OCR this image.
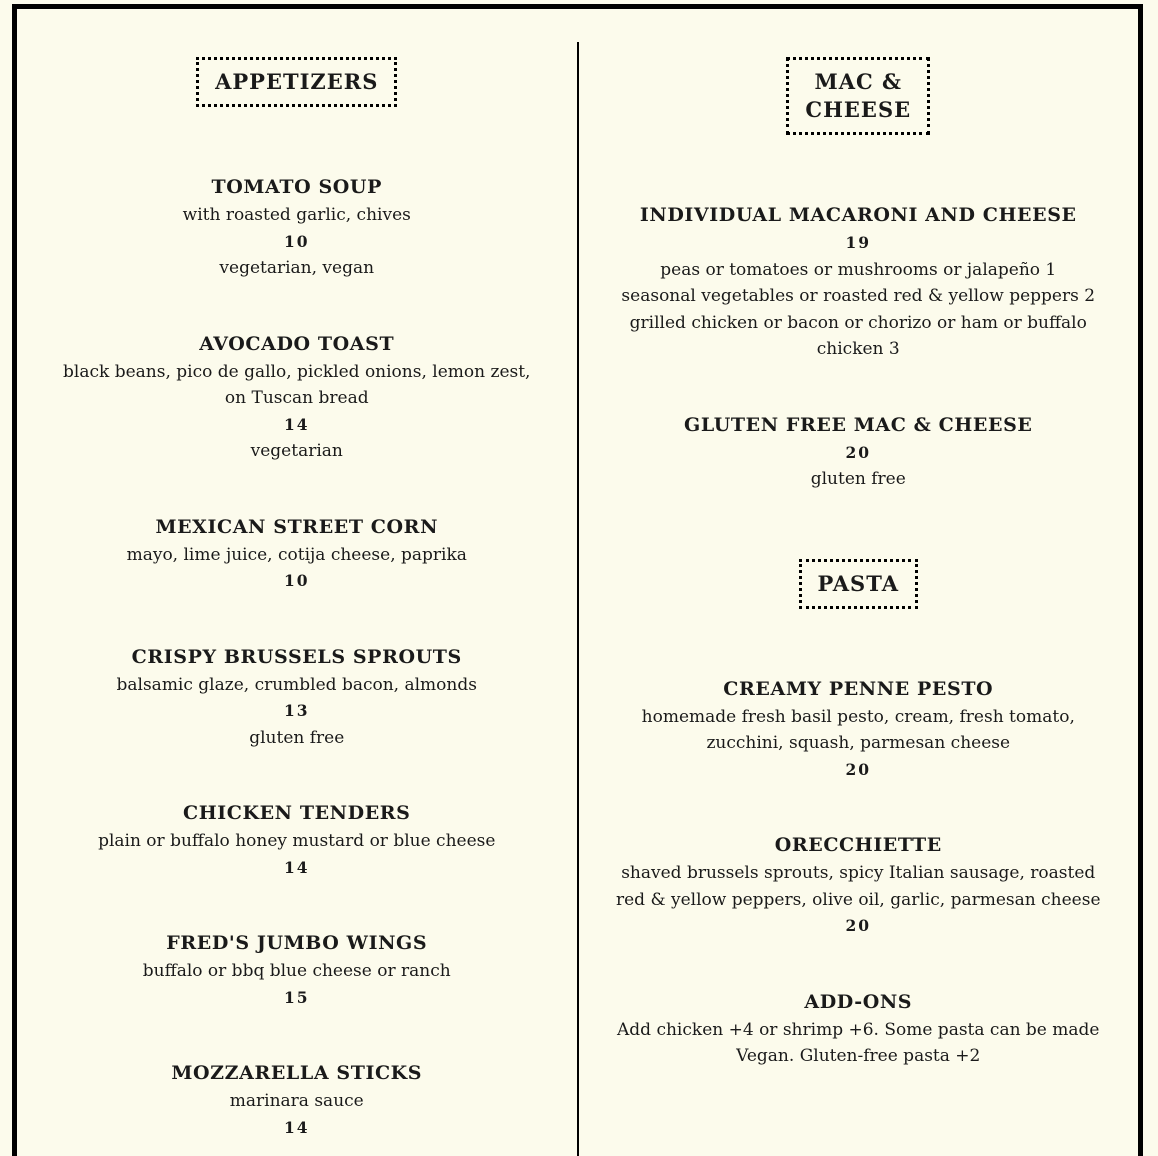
APPETIZERS
TOMATO SOUP
with roasted garlic, chives
10
vegetarian, vegan
AVOCADO TOAST
black beans, pico de gallo, pickled onions, lemon zest,
on Tuscan bread
14
vegetarian
MEXICAN STREET CORN
mayo, lime juice, cotija cheese, paprika
10
CRISPY BRUSSELS SPROUTS
balsamic glaze, crumbled bacon, almonds
13
gluten free
CHICKEN TENDERS
plain or buffalo honey mustard or blue cheese
14
FRED'S JUMBO WINGS
buffalo or bbq blue cheese or ranch
15
MOZZARELLA STICKS
marinara sauce
14
MAC &
CHEESE
INDIVIDUAL MACARONI AND CHEESE
19
peas or tomatoes or mushrooms or jalapeño 1
seasonal vegetables or roasted red & yellow peppers 2
grilled chicken or bacon or chorizo or ham or buffalo
chicken 3
GLUTEN FREE MAC & CHEESE
20
gluten free
PASTA
CREAMY PENNE PESTO
homemade fresh basil pesto, cream, fresh tomato,
zucchini, squash, parmesan cheese
20
ORECCHIETTE
shaved brussels sprouts, spicy Italian sausage, roasted
red & yellow peppers, olive oil, garlic, parmesan cheese
20
ADD-ONS
Add chicken +4 or shrimp +6. Some pasta can be made
Vegan. Gluten-free pasta +2
